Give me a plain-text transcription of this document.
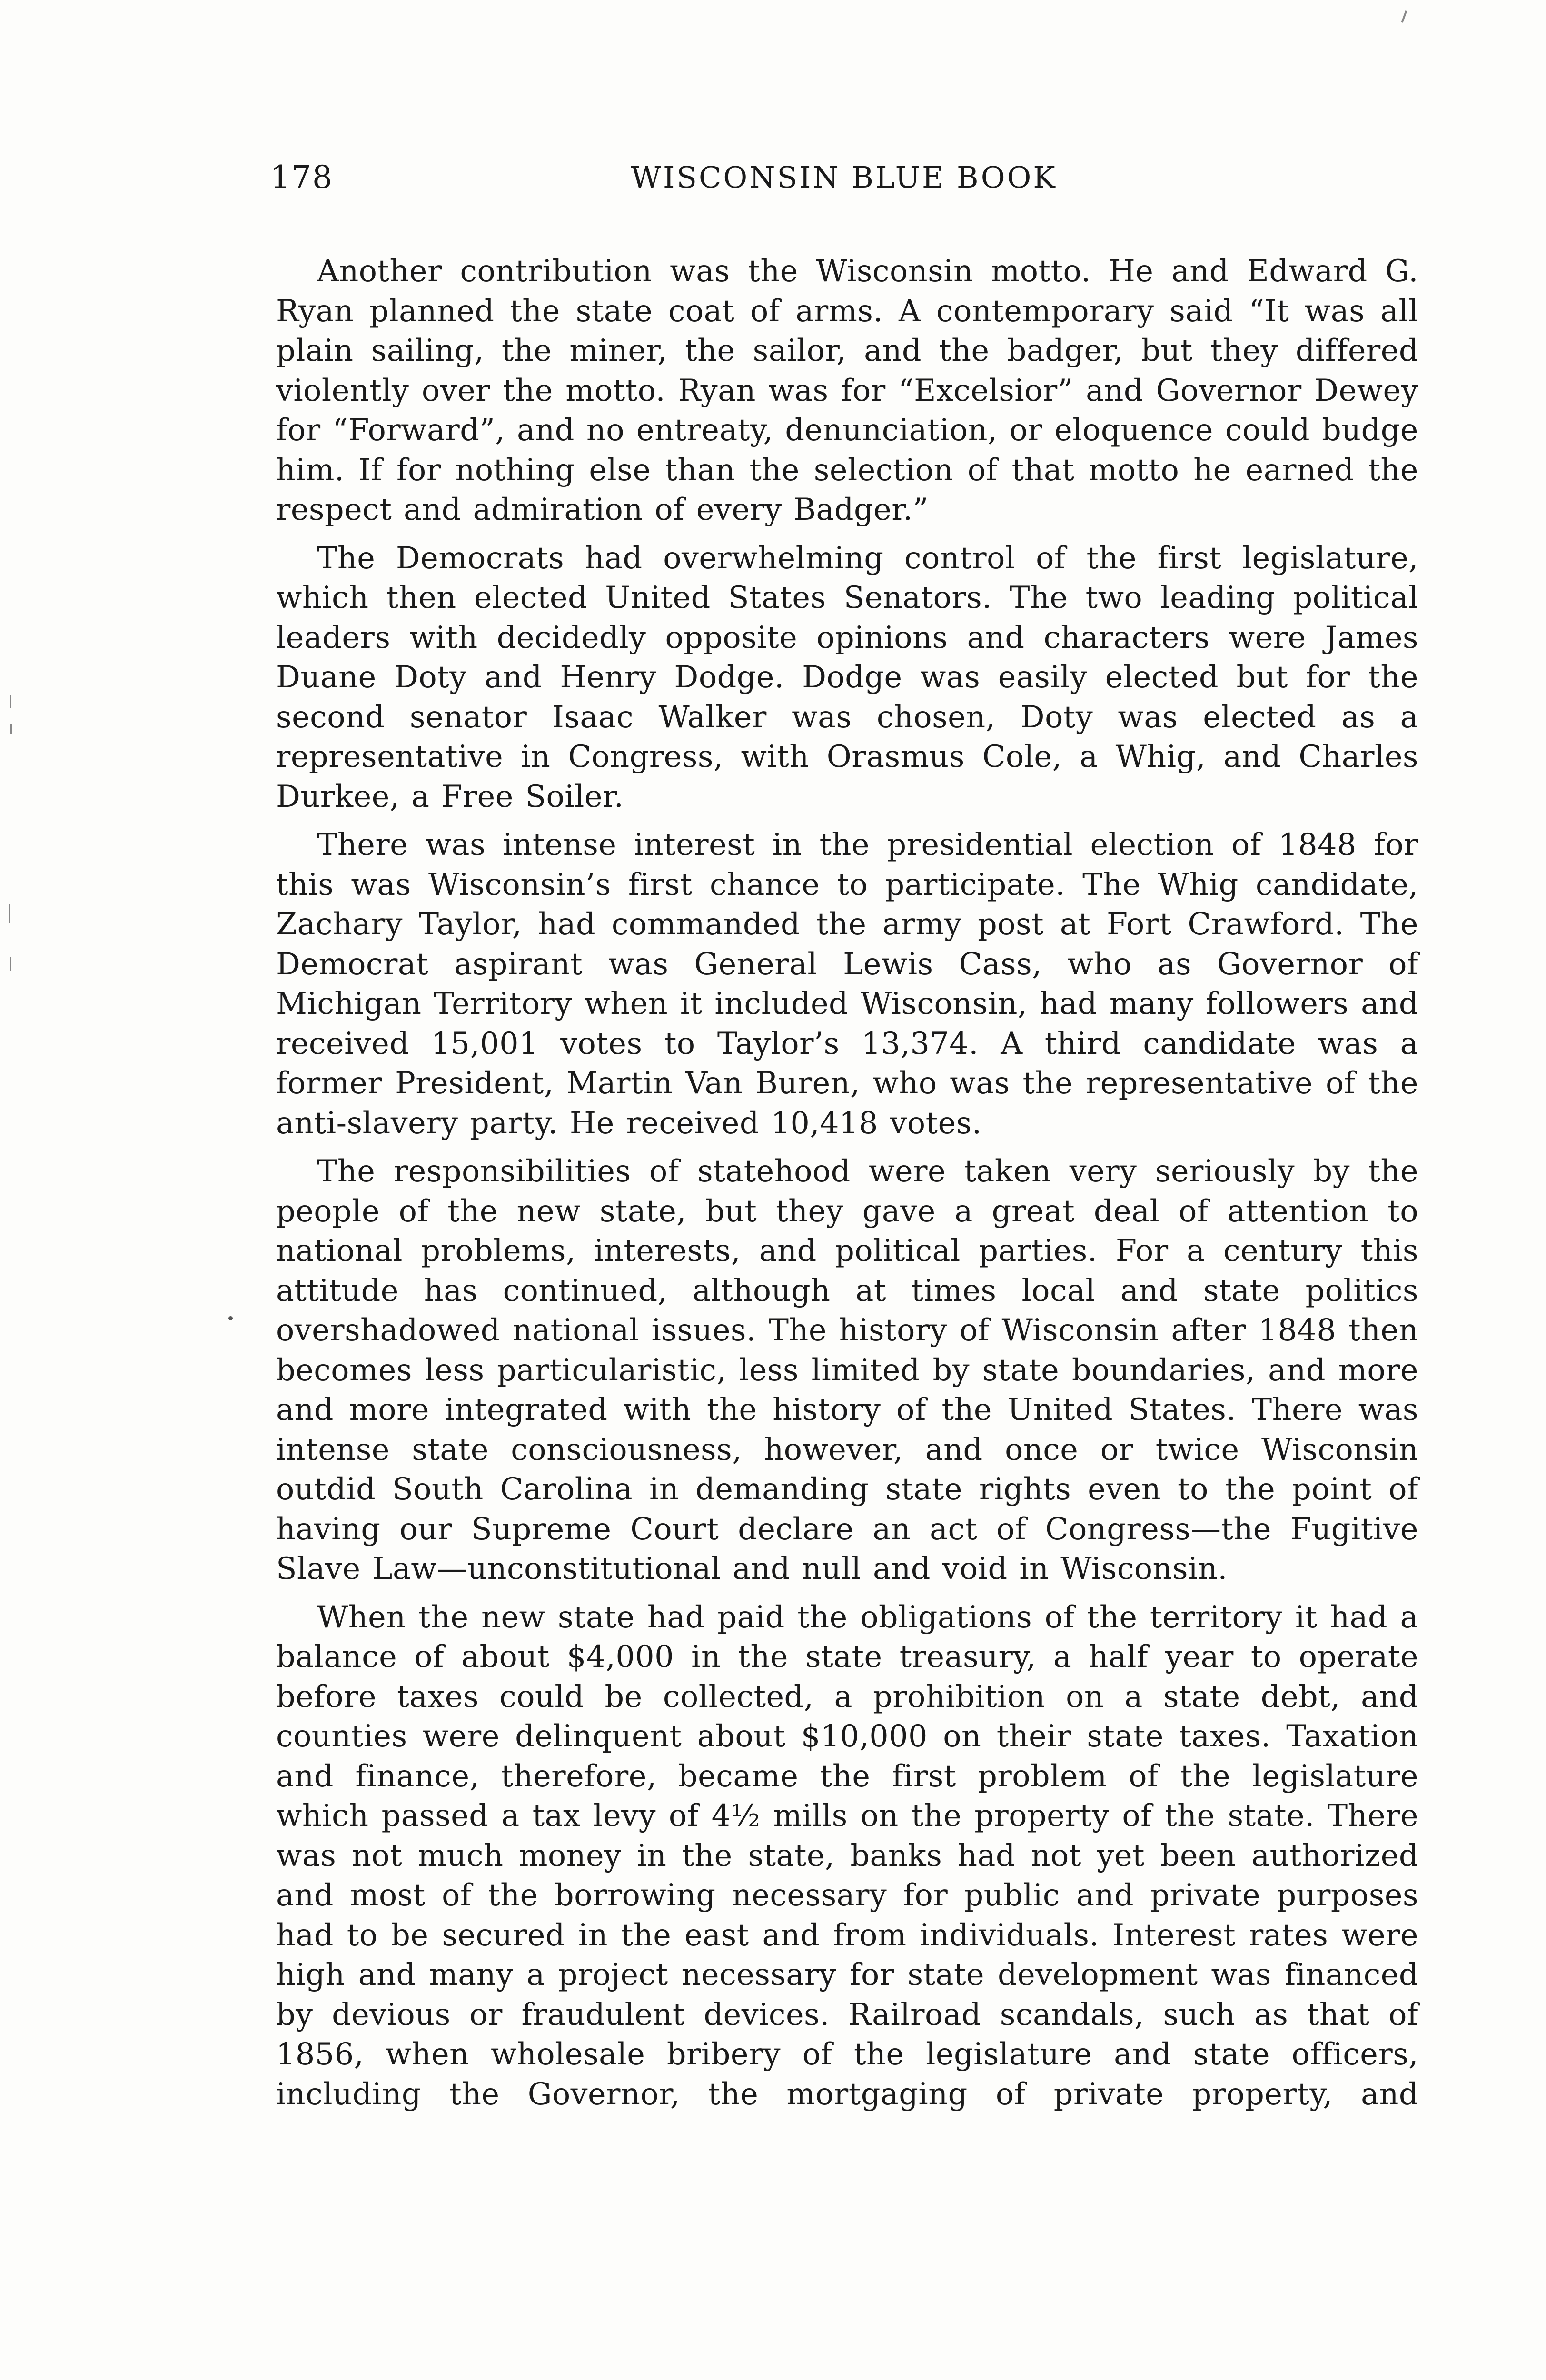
178	WISCONSIN BLUE BOOK

Another contribution was the Wisconsin motto. He and Edward G. Ryan planned the state coat of arms. A contemporary said “It was all plain sailing, the miner, the sailor, and the badger, but they differed violently over the motto. Ryan was for “Excelsior” and Governor Dewey for “Forward”, and no entreaty, denunciation, or eloquence could budge him. If for nothing else than the selection of that motto he earned the respect and admiration of every Badger.”

The Democrats had overwhelming control of the first legislature, which then elected United States Senators. The two leading political leaders with decidedly opposite opinions and characters were James Duane Doty and Henry Dodge. Dodge was easily elected but for the second senator Isaac Walker was chosen, Doty was elected as a representative in Congress, with Orasmus Cole, a Whig, and Charles Durkee, a Free Soiler.

There was intense interest in the presidential election of 1848 for this was Wisconsin’s first chance to participate. The Whig candidate, Zachary Taylor, had commanded the army post at Fort Crawford. The Democrat aspirant was General Lewis Cass, who as Governor of Michigan Territory when it included Wisconsin, had many followers and received 15,001 votes to Taylor’s 13,374. A third candidate was a former President, Martin Van Buren, who was the representative of the anti-slavery party. He received 10,418 votes.

The responsibilities of statehood were taken very seriously by the people of the new state, but they gave a great deal of attention to national problems, interests, and political parties. For a century this attitude has continued, although at times local and state politics overshadowed national issues. The history of Wisconsin after 1848 then becomes less particularistic, less limited by state boundaries, and more and more integrated with the history of the United States. There was intense state consciousness, however, and once or twice Wisconsin outdid South Carolina in demanding state rights even to the point of having our Supreme Court declare an act of Congress—the Fugitive Slave Law—unconstitutional and null and void in Wisconsin.

When the new state had paid the obligations of the territory it had a balance of about $4,000 in the state treasury, a half year to operate before taxes could be collected, a prohibition on a state debt, and counties were delinquent about $10,000 on their state taxes. Taxation and finance, therefore, became the first problem of the legislature which passed a tax levy of 4½ mills on the property of the state. There was not much money in the state, banks had not yet been authorized and most of the borrowing necessary for public and private purposes had to be secured in the east and from individuals. Interest rates were high and many a project necessary for state development was financed by devious or fraudulent devices. Railroad scandals, such as that of 1856, when wholesale bribery of the legislature and state officers, including the Governor, the mortgaging of private property, and
